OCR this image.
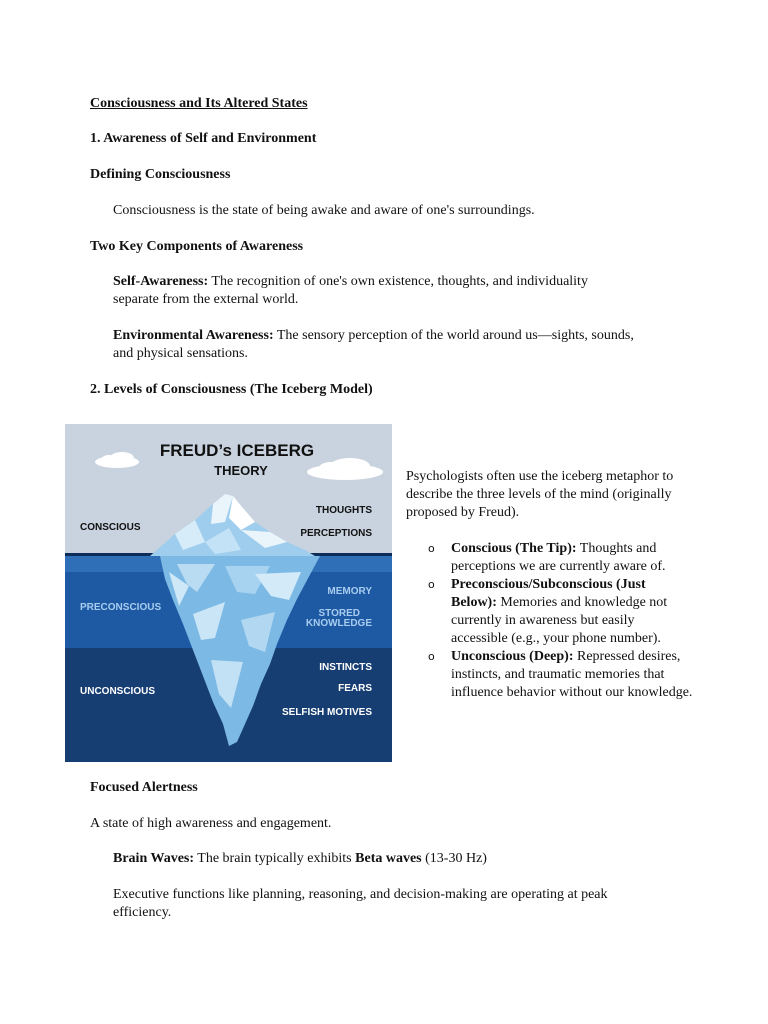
Consciousness and Its Altered States
1. Awareness of Self and Environment
Defining Consciousness

Consciousness is the state of being awake and aware of one's surroundings.

Two Key Components of Awareness
Self-Awareness: The recognition of one's own existence, thoughts, and individuality
separate from the external world.
Environmental Awareness: The sensory perception of the world around us—sights, sounds,
and physical sensations.
2. Levels of Consciousness (The Iceberg Model)
FREUD’s ICEBERG
THEORY
CONSCIOUS
PRECONSCIOUS
UNCONSCIOUS
THOUGHTS
PERCEPTIONS
MEMORY
STORED
KNOWLEDGE
INSTINCTS
FEARS
SELFISH MOTIVES
Psychologists often use the iceberg metaphor to
describe the three levels of the mind (originally
proposed by Freud).
o Conscious (The Tip): Thoughts and
perceptions we are currently aware of.
o Preconscious/Subconscious (Just
Below): Memories and knowledge not
currently in awareness but easily
accessible (e.g., your phone number).
o Unconscious (Deep): Repressed desires,
instincts, and traumatic memories that
influence behavior without our knowledge.
Focused Alertness

A state of high awareness and engagement.

Brain Waves: The brain typically exhibits Beta waves (13-30 Hz)
Executive functions like planning, reasoning, and decision-making are operating at peak
efficiency.
